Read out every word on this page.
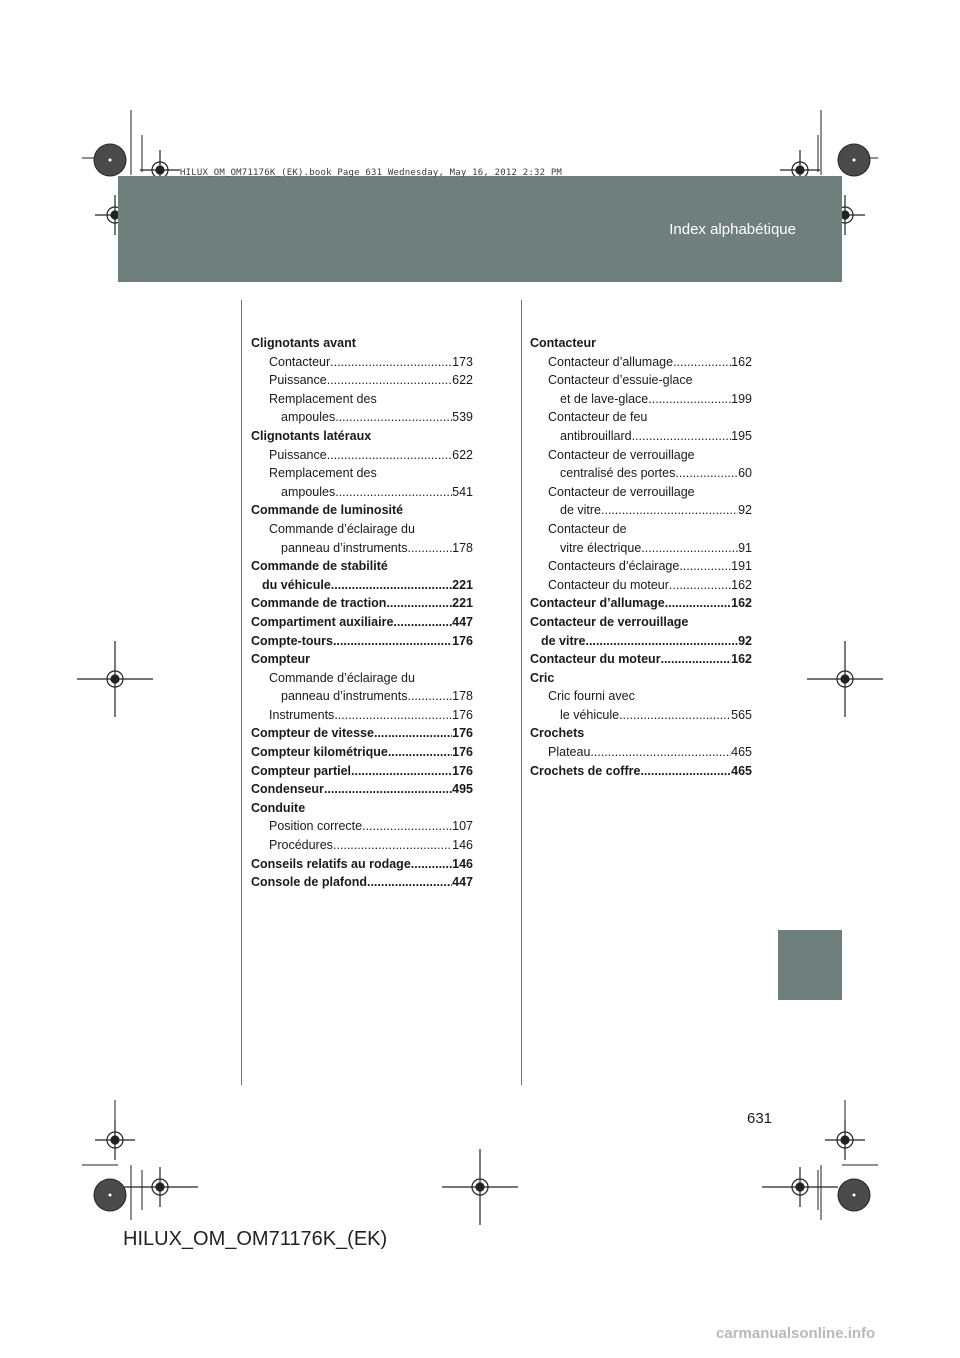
Index alphabétique
HILUX_OM_OM71176K_(EK).book Page 631 Wednesday, May 16, 2012 2:32 PM
Clignotants avant
Contacteur .....	173
Puissance .....	622
Remplacement des
ampoules .....	539
Clignotants latéraux
Puissance .....	622
Remplacement des
ampoules .....	541
Commande de luminosité
Commande d’éclairage du
panneau d’instruments .....	178
Commande de stabilité
du véhicule .....	221
Commande de traction .....	221
Compartiment auxiliaire .....	447
Compte-tours .....	176
Compteur
Commande d’éclairage du
panneau d’instruments .....	178
Instruments .....	176
Compteur de vitesse .....	176
Compteur kilométrique .....	176
Compteur partiel .....	176
Condenseur .....	495
Conduite
Position correcte .....	107
Procédures .....	146
Conseils relatifs au rodage .....	146
Console de plafond .....	447
Contacteur
Contacteur d’allumage .....	162
Contacteur d’essuie-glace
et de lave-glace .....	199
Contacteur de feu
antibrouillard .....	195
Contacteur de verrouillage
centralisé des portes .....	60
Contacteur de verrouillage
de vitre .....	92
Contacteur de
vitre électrique .....	91
Contacteurs d’éclairage .....	191
Contacteur du moteur .....	162
Contacteur d’allumage .....	162
Contacteur de verrouillage
de vitre .....	92
Contacteur du moteur .....	162
Cric
Cric fourni avec
le véhicule .....	565
Crochets
Plateau. .....	465
Crochets de coffre .....	465
631
HILUX_OM_OM71176K_(EK)
carmanualsonline.info
